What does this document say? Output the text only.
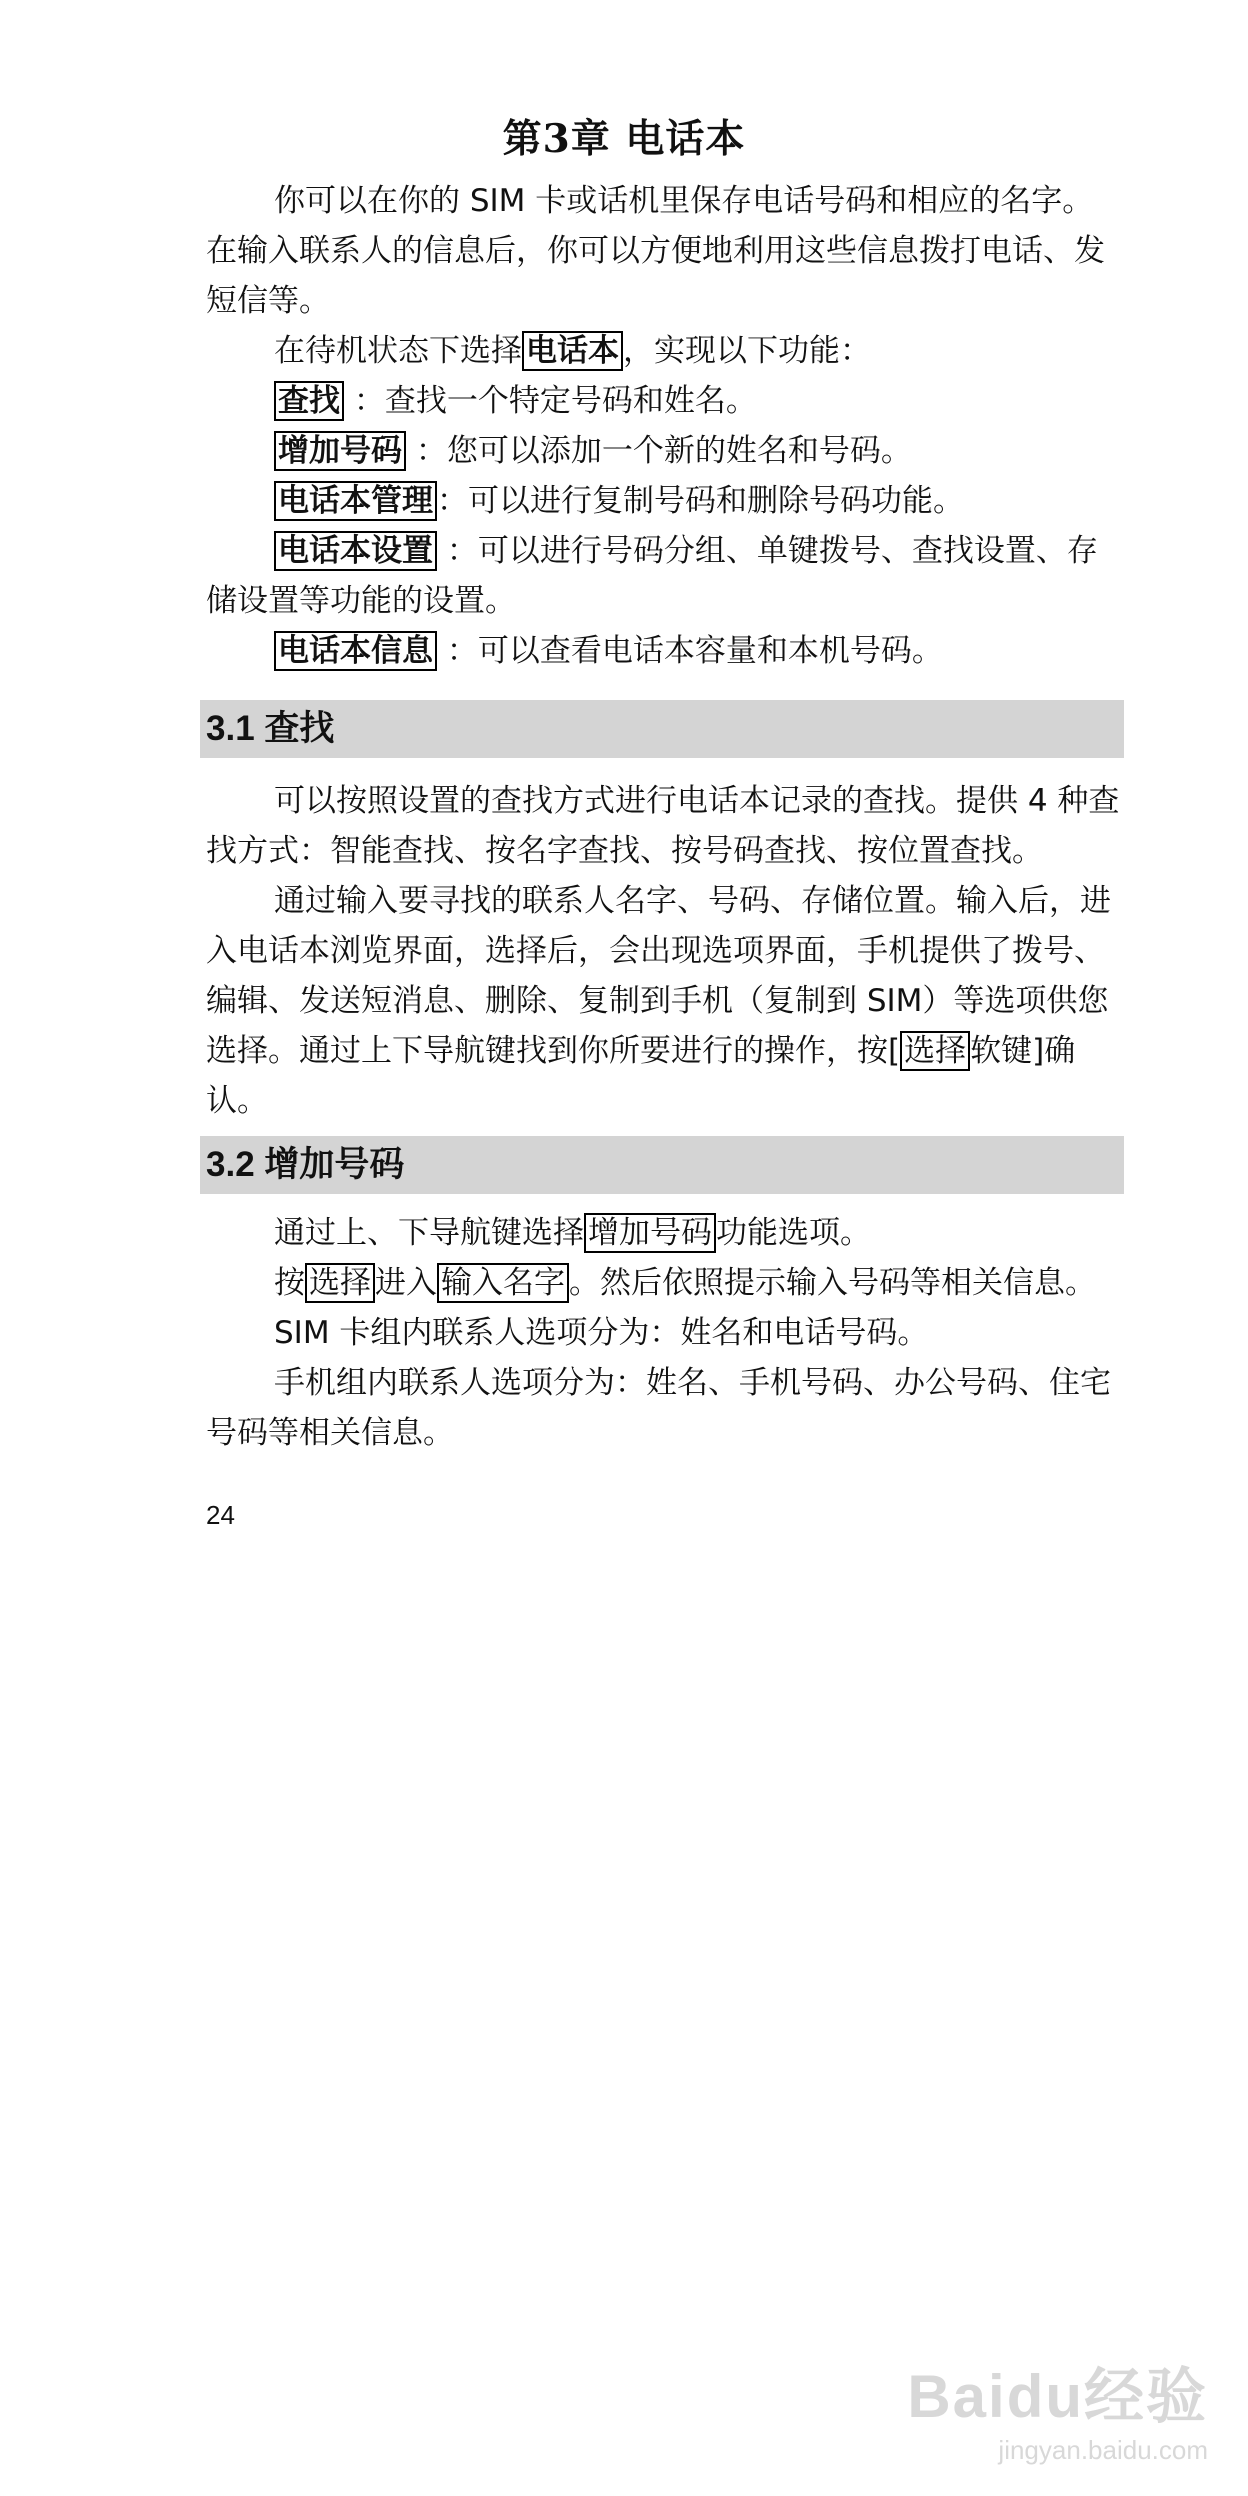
第3章 电话本

你可以在你的 SIM 卡或话机里保存电话号码和相应的名字。在输入联系人的信息后，你可以方便地利用这些信息拨打电话、发短信等。

在待机状态下选择 电话本 ，实现以下功能：

查找 ：查找一个特定号码和姓名。

增加号码 ：您可以添加一个新的姓名和号码。

电话本管理 ：可以进行复制号码和删除号码功能。

电话本设置 ：可以进行号码分组、单键拨号、查找设置、存储设置等功能的设置。

电话本信息 ：可以查看电话本容量和本机号码。

3.1 查找

可以按照设置的查找方式进行电话本记录的查找。提供 4 种查找方式：智能查找、按名字查找、按号码查找、按位置查找。

通过输入要寻找的联系人名字、号码、存储位置。输入后，进入电话本浏览界面，选择后，会出现选项界面，手机提供了拨号、编辑、发送短消息、删除、复制到手机（复制到 SIM）等选项供您选择。通过上下导航键找到你所要进行的操作，按[ 选择 软键]确认。

3.2 增加号码

通过上、下导航键选择 增加号码 功能选项。

按 选择 进入 输入名字 。然后依照提示输入号码等相关信息。

SIM 卡组内联系人选项分为：姓名和电话号码。

手机组内联系人选项分为：姓名、手机号码、办公号码、住宅号码等相关信息。

24
Baidu经验
jingyan.baidu.com
